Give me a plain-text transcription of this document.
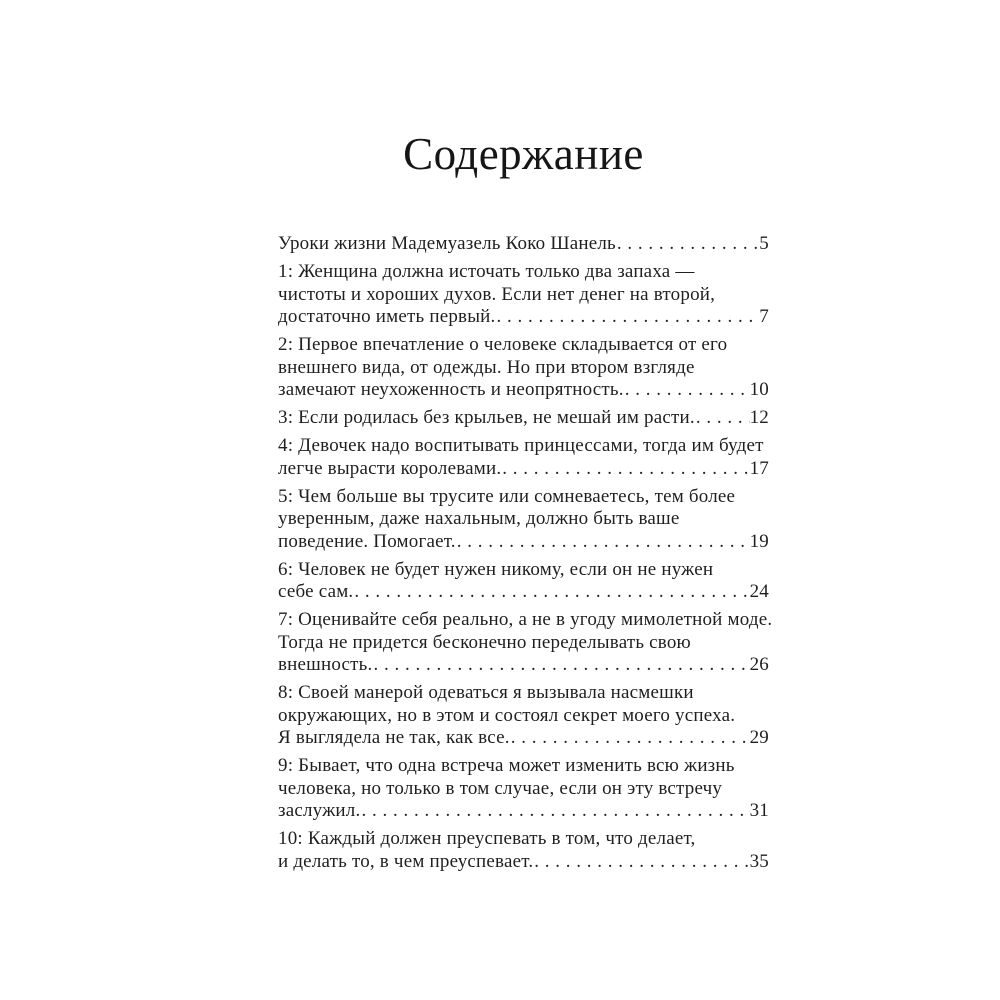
Содержание
Уроки жизни Мадемуазель Коко Шанель . . .	5
1: Женщина должна источать только два запаха —
чистоты и хороших духов. Если нет денег на второй,
достаточно иметь первый. . . .	7
2: Первое впечатление о человеке складывается от его
внешнего вида, от одежды. Но при втором взгляде
замечают неухоженность и неопрятность. . . .	10
3: Если родилась без крыльев, не мешай им расти. . . .	12
4: Девочек надо воспитывать принцессами, тогда им будет
легче вырасти королевами. . . .	17
5: Чем больше вы трусите или сомневаетесь, тем более
уверенным, даже нахальным, должно быть ваше
поведение. Помогает. . . .	19
6: Человек не будет нужен никому, если он не нужен
себе сам. . . .	24
7: Оценивайте себя реально, а не в угоду мимолетной моде.
Тогда не придется бесконечно переделывать свою
внешность. . . .	26
8: Своей манерой одеваться я вызывала насмешки
окружающих, но в этом и состоял секрет моего успеха.
Я выглядела не так, как все. . . .	29
9: Бывает, что одна встреча может изменить всю жизнь
человека, но только в том случае, если он эту встречу
заслужил. . . .	31
10: Каждый должен преуспевать в том, что делает,
и делать то, в чем преуспевает. . . .	35
